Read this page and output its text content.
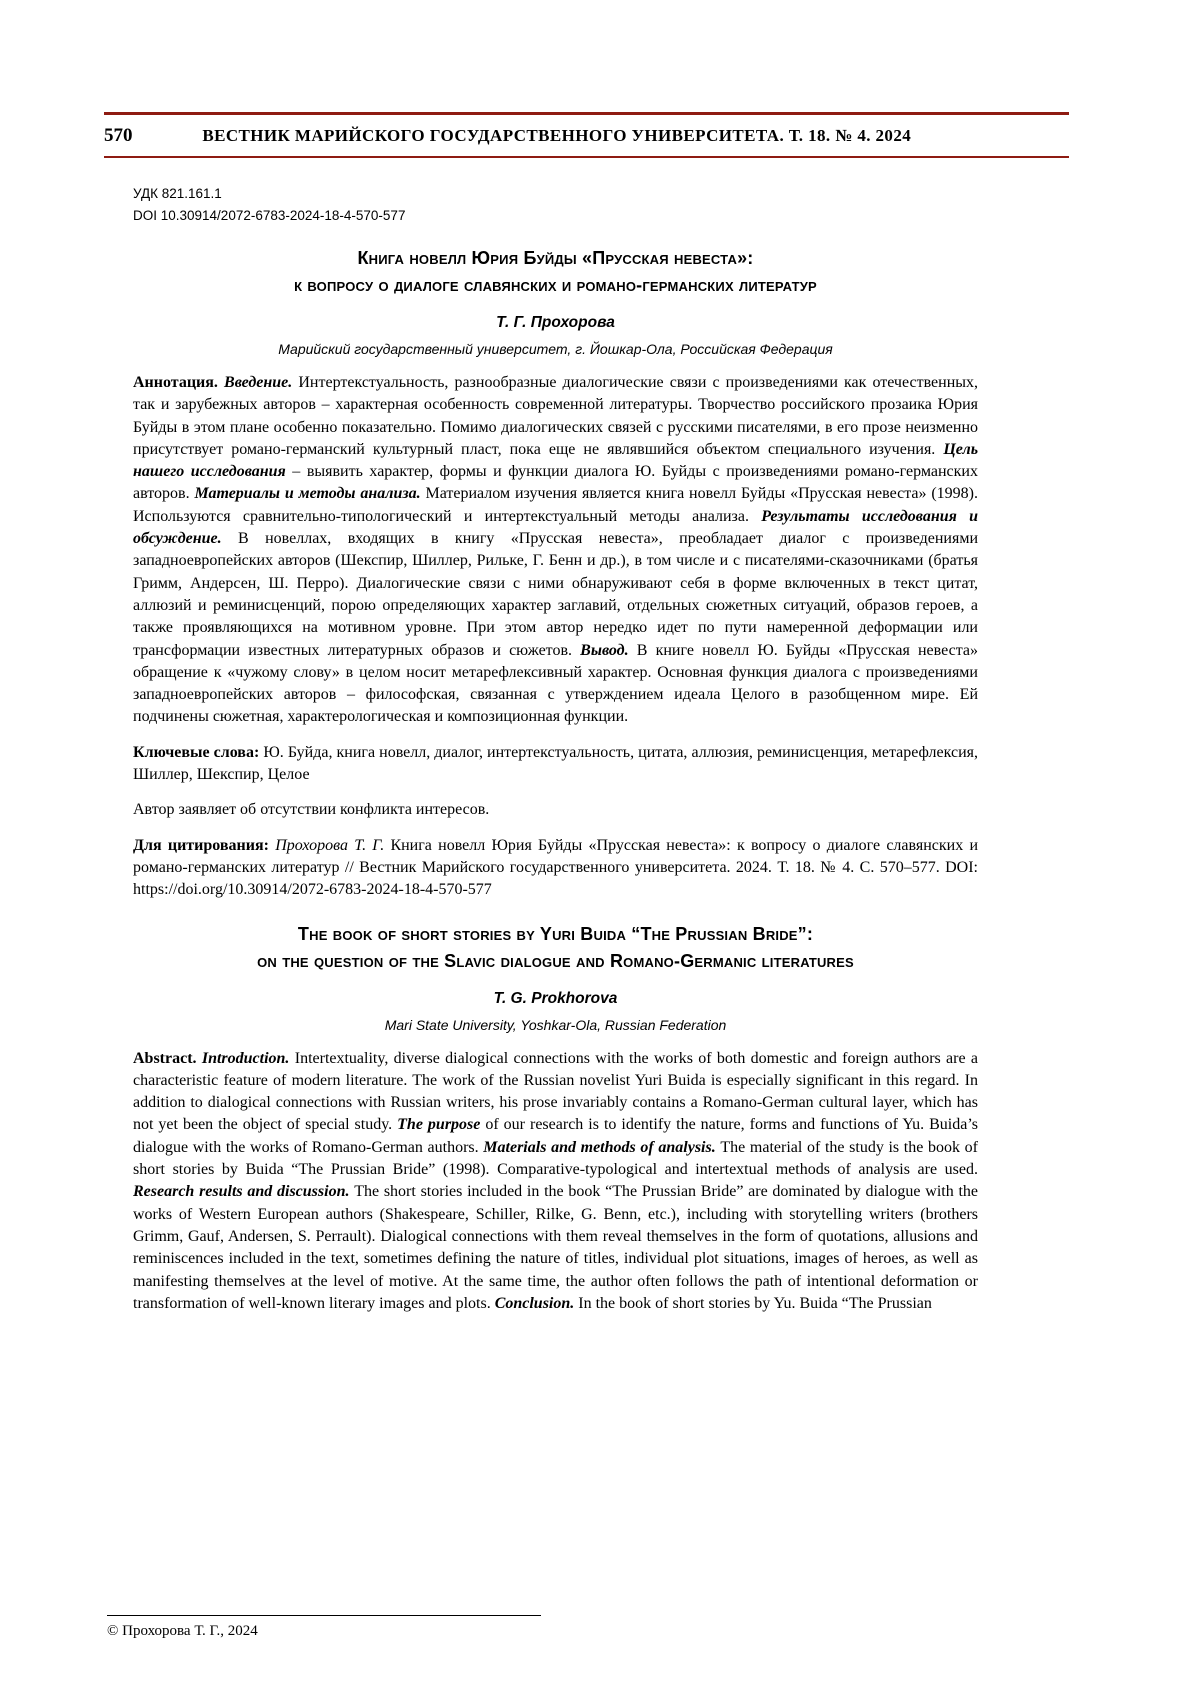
570	ВЕСТНИК МАРИЙСКОГО ГОСУДАРСТВЕННОГО УНИВЕРСИТЕТА. Т. 18. № 4. 2024
УДК 821.161.1
DOI 10.30914/2072-6783-2024-18-4-570-577
Книга новелл Юрия Буйды «Прусская невеста»:
к вопросу о диалоге славянских и романо-германских литератур
Т. Г. Прохорова
Марийский государственный университет, г. Йошкар-Ола, Российская Федерация

Аннотация. Введение. Интертекстуальность, разнообразные диалогические связи с произведениями как отечественных, так и зарубежных авторов – характерная особенность современной литературы. Творчество российского прозаика Юрия Буйды в этом плане особенно показательно. Помимо диалогических связей с русскими писателями, в его прозе неизменно присутствует романо-германский культурный пласт, пока еще не являвшийся объектом специального изучения. Цель нашего исследования – выявить характер, формы и функции диалога Ю. Буйды с произведениями романо-германских авторов. Материалы и методы анализа. Материалом изучения является книга новелл Буйды «Прусская невеста» (1998). Используются сравнительно-типологический и интертекстуальный методы анализа. Результаты исследования и обсуждение. В новеллах, входящих в книгу «Прусская невеста», преобладает диалог с произведениями западноевропейских авторов (Шекспир, Шиллер, Рильке, Г. Бенн и др.), в том числе и с писателями-сказочниками (братья Гримм, Андерсен, Ш. Перро). Диалогические связи с ними обнаруживают себя в форме включенных в текст цитат, аллюзий и реминисценций, порою определяющих характер заглавий, отдельных сюжетных ситуаций, образов героев, а также проявляющихся на мотивном уровне. При этом автор нередко идет по пути намеренной деформации или трансформации известных литературных образов и сюжетов. Вывод. В книге новелл Ю. Буйды «Прусская невеста» обращение к «чужому слову» в целом носит метарефлексивный характер. Основная функция диалога с произведениями западноевропейских авторов – философская, связанная с утверждением идеала Целого в разобщенном мире. Ей подчинены сюжетная, характерологическая и композиционная функции.

Ключевые слова: Ю. Буйда, книга новелл, диалог, интертекстуальность, цитата, аллюзия, реминисценция, метарефлексия, Шиллер, Шекспир, Целое

Автор заявляет об отсутствии конфликта интересов.

Для цитирования: Прохорова Т. Г. Книга новелл Юрия Буйды «Прусская невеста»: к вопросу о диалоге славянских и романо-германских литератур // Вестник Марийского государственного университета. 2024. Т. 18. № 4. С. 570–577. DOI: https://doi.org/10.30914/2072-6783-2024-18-4-570-577

The book of short stories by Yuri Buida “The Prussian Bride”:
on the question of the Slavic dialogue and Romano-Germanic literatures
T. G. Prokhorova
Mari State University, Yoshkar-Ola, Russian Federation

Abstract. Introduction. Intertextuality, diverse dialogical connections with the works of both domestic and foreign authors are a characteristic feature of modern literature. The work of the Russian novelist Yuri Buida is especially significant in this regard. In addition to dialogical connections with Russian writers, his prose invariably contains a Romano-German cultural layer, which has not yet been the object of special study. The purpose of our research is to identify the nature, forms and functions of Yu. Buida’s dialogue with the works of Romano-German authors. Materials and methods of analysis. The material of the study is the book of short stories by Buida “The Prussian Bride” (1998). Comparative-typological and intertextual methods of analysis are used. Research results and discussion. The short stories included in the book “The Prussian Bride” are dominated by dialogue with the works of Western European authors (Shakespeare, Schiller, Rilke, G. Benn, etc.), including with storytelling writers (brothers Grimm, Gauf, Andersen, S. Perrault). Dialogical connections with them reveal themselves in the form of quotations, allusions and reminiscences included in the text, sometimes defining the nature of titles, individual plot situations, images of heroes, as well as manifesting themselves at the level of motive. At the same time, the author often follows the path of intentional deformation or transformation of well-known literary images and plots. Conclusion. In the book of short stories by Yu. Buida “The Prussian

© Прохорова Т. Г., 2024
